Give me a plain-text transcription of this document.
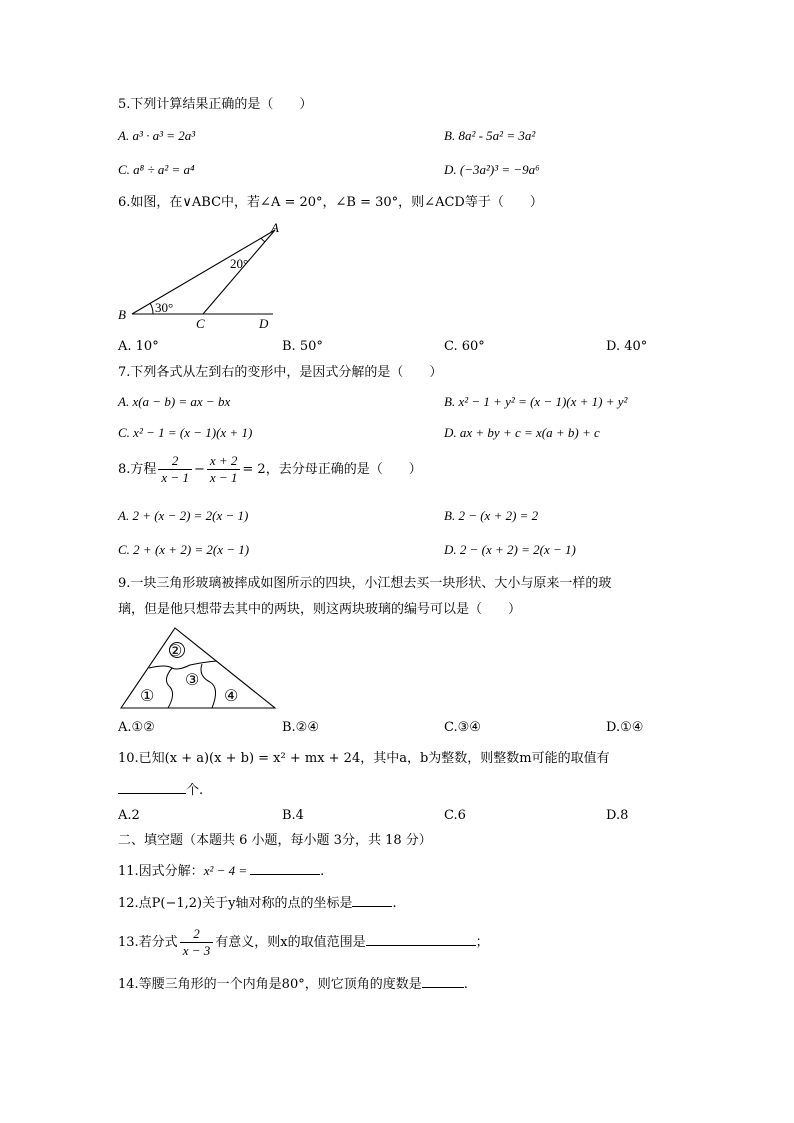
5.下列计算结果正确的是（　　）
A. a³ · a³ = 2a³	B. 8a² - 5a² = 3a²
C. a⁸ ÷ a² = a⁴	D. (−3a²)³ = −9a⁶
6.如图，在∨ABC中，若∠A = 20°，∠B = 30°，则∠ACD等于（　　）
A
B
C	D
20°
30°
A. 10°	B. 50°	C. 60°	D. 40°
7.下列各式从左到右的变形中，是因式分解的是（　　）
A. x(a − b) = ax − bx	B. x² − 1 + y² = (x − 1)(x + 1) + y²
C. x² − 1 = (x − 1)(x + 1)	D. ax + by + c = x(a + b) + c
8.方程 $\frac{2}{x - 1} - \frac{x + 2}{x - 1} = 2$，去分母正确的是（　　）
A. 2 + (x − 2) = 2(x − 1)	B. 2 − (x + 2) = 2
C. 2 + (x + 2) = 2(x − 1)	D. 2 − (x + 2) = 2(x − 1)
9.一块三角形玻璃被摔成如图所示的四块，小江想去买一块形状、大小与原来一样的玻
璃，但是他只想带去其中的两块，则这两块玻璃的编号可以是（　　）
②
①
③
④
A.①②	B.②④	C.③④	D.①④
10.已知(x + a)(x + b) = x² + mx + 24，其中a，b为整数，则整数m可能的取值有
个.
A.2	B.4	C.6	D.8
二、填空题（本题共 6 小题，每小题 3分，共 18 分）
11.因式分解：x² − 4 =	.
12.点P(−1,2)关于y轴对称的点的坐标是	.
13.若分式 $\frac{2}{x - 3}$ 有意义，则x的取值范围是	；
14.等腰三角形的一个内角是80°，则它顶角的度数是	.
